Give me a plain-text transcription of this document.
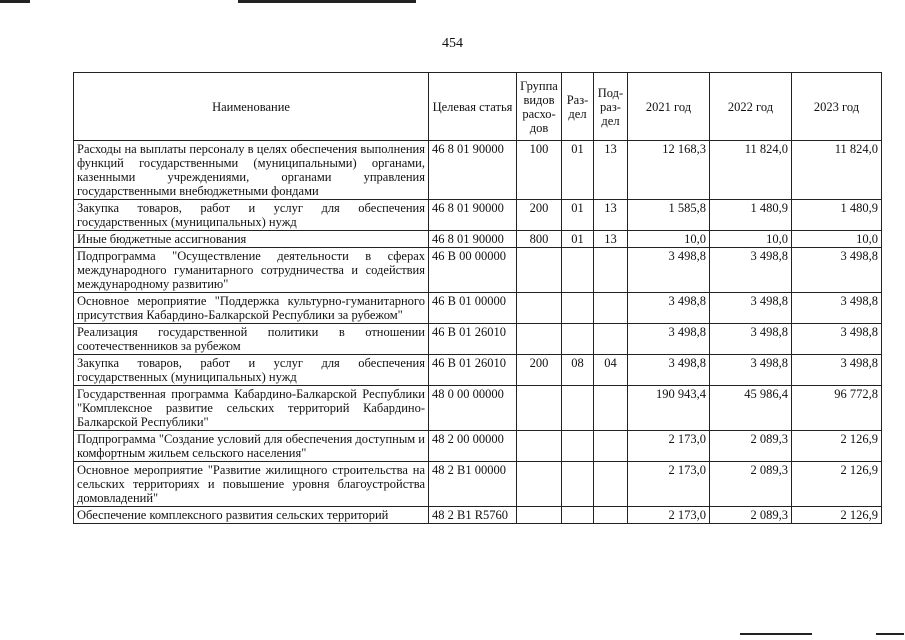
454
Наименование	Целевая статья	Группа видов расхо- дов	Раз- дел	Под- раз- дел	2021 год	2022 год	2023 год
Расходы на выплаты персоналу в целях обеспечения выполнения функций государственными (муниципальными) органами, казенными учреждениями, органами управления государственными внебюджетными фондами	46 8 01 90000	100	01	13	12 168,3	11 824,0	11 824,0
Закупка товаров, работ и услуг для обеспечения государственных (муниципальных) нужд	46 8 01 90000	200	01	13	1 585,8	1 480,9	1 480,9
Иные бюджетные ассигнования	46 8 01 90000	800	01	13	10,0	10,0	10,0
Подпрограмма "Осуществление деятельности в сферах международного гуманитарного сотрудничества и содействия международному развитию"	46 В 00 00000				3 498,8	3 498,8	3 498,8
Основное мероприятие "Поддержка культурно-гуманитарного присутствия Кабардино-Балкарской Республики за рубежом"	46 В 01 00000				3 498,8	3 498,8	3 498,8
Реализация государственной политики в отношении соотечественников за рубежом	46 В 01 26010				3 498,8	3 498,8	3 498,8
Закупка товаров, работ и услуг для обеспечения государственных (муниципальных) нужд	46 В 01 26010	200	08	04	3 498,8	3 498,8	3 498,8
Государственная программа Кабардино-Балкарской Республики "Комплексное развитие сельских территорий Кабардино-Балкарской Республики"	48 0 00 00000				190 943,4	45 986,4	96 772,8
Подпрограмма "Создание условий для обеспечения доступным и комфортным жильем сельского населения"	48 2 00 00000				2 173,0	2 089,3	2 126,9
Основное мероприятие "Развитие жилищного строительства на сельских территориях и повышение уровня благоустройства домовладений"	48 2 B1 00000				2 173,0	2 089,3	2 126,9
Обеспечение комплексного развития сельских территорий	48 2 B1 R5760				2 173,0	2 089,3	2 126,9
